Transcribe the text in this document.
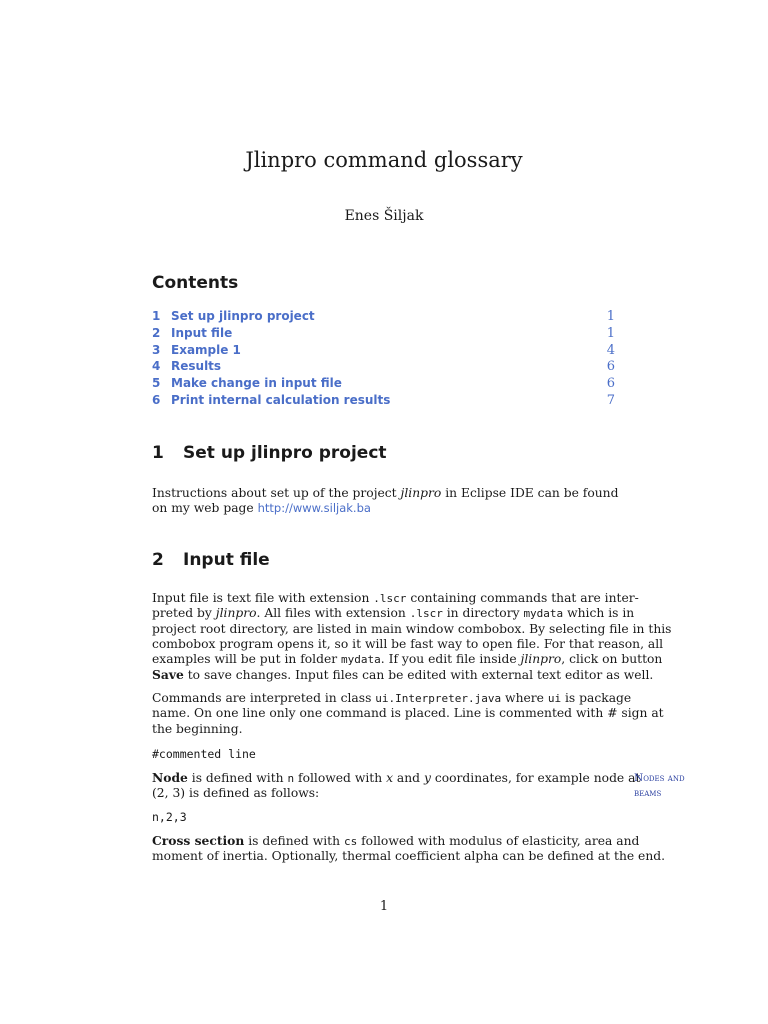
Jlinpro command glossary
Enes Šiljak
Contents
1 Set up jlinpro project	1
2 Input file	1
3 Example 1	4
4 Results	6
5 Make change in input file	6
6 Print internal calculation results	7
1 Set up jlinpro project
Instructions about set up of the project jlinpro in Eclipse IDE can be found
on my web page http://www.siljak.ba
2 Input file
Input file is text file with extension .lscr containing commands that are inter-
preted by jlinpro. All files with extension .lscr in directory mydata which is in
project root directory, are listed in main window combobox. By selecting file in this
combobox program opens it, so it will be fast way to open file. For that reason, all
examples will be put in folder mydata. If you edit file inside jlinpro, click on button
Save to save changes. Input files can be edited with external text editor as well.
Commands are interpreted in class ui.Interpreter.java where ui is package
name. On one line only one command is placed. Line is commented with # sign at
the beginning.
#commented line
Node is defined with n followed with x and y coordinates, for example node at
(2, 3) is defined as follows:
Nodes and
beams
n,2,3
Cross section is defined with cs followed with modulus of elasticity, area and
moment of inertia. Optionally, thermal coefficient alpha can be defined at the end.
1
